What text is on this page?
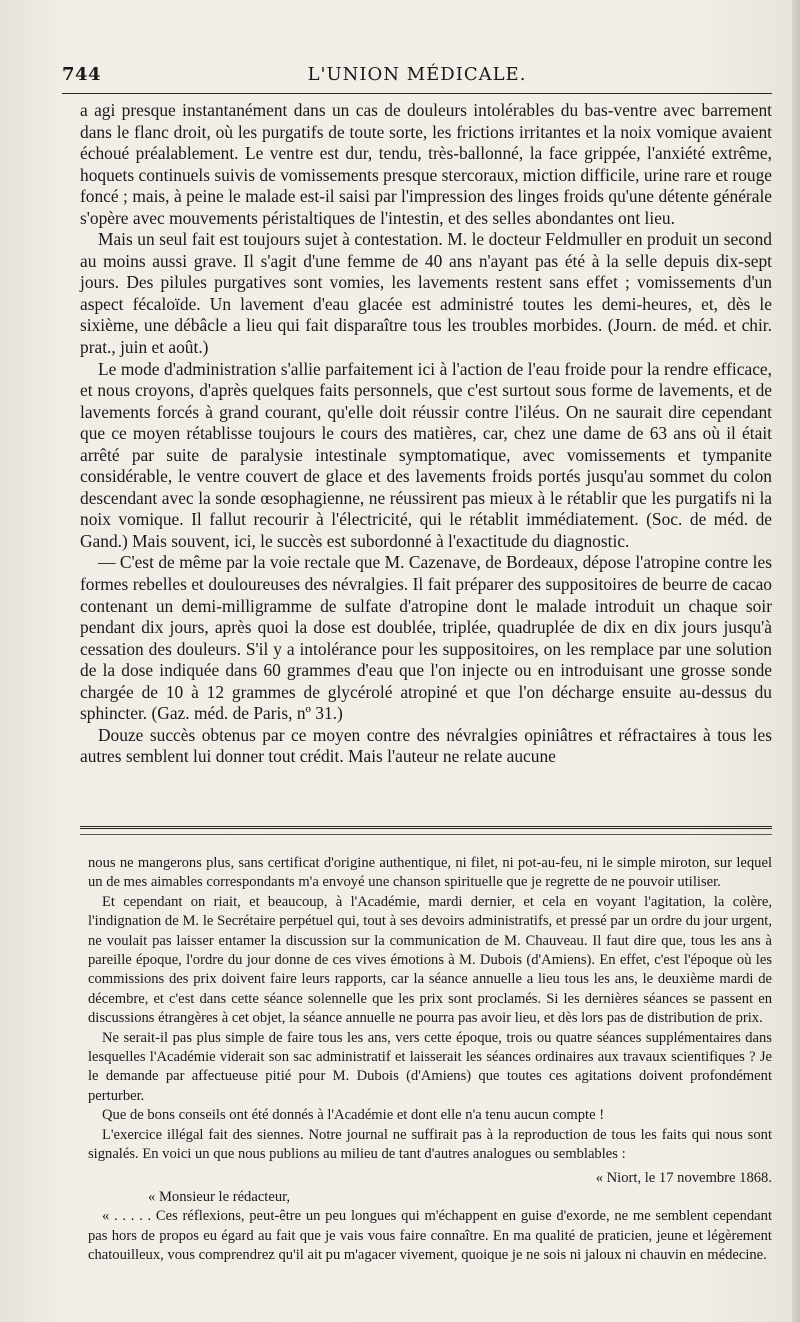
744	L'UNION MÉDICALE.

a agi presque instantanément dans un cas de douleurs intolérables du bas-ventre avec barrement dans le flanc droit, où les purgatifs de toute sorte, les frictions irritantes et la noix vomique avaient échoué préalablement. Le ventre est dur, tendu, très-ballonné, la face grippée, l'anxiété extrême, hoquets continuels suivis de vomissements presque stercoraux, miction difficile, urine rare et rouge foncé ; mais, à peine le malade est-il saisi par l'impression des linges froids qu'une détente générale s'opère avec mouvements péristaltiques de l'intestin, et des selles abondantes ont lieu.

Mais un seul fait est toujours sujet à contestation. M. le docteur Feldmuller en produit un second au moins aussi grave. Il s'agit d'une femme de 40 ans n'ayant pas été à la selle depuis dix-sept jours. Des pilules purgatives sont vomies, les lavements restent sans effet ; vomissements d'un aspect fécaloïde. Un lavement d'eau glacée est administré toutes les demi-heures, et, dès le sixième, une débâcle a lieu qui fait disparaître tous les troubles morbides. (Journ. de méd. et chir. prat., juin et août.)

Le mode d'administration s'allie parfaitement ici à l'action de l'eau froide pour la rendre efficace, et nous croyons, d'après quelques faits personnels, que c'est surtout sous forme de lavements, et de lavements forcés à grand courant, qu'elle doit réussir contre l'iléus. On ne saurait dire cependant que ce moyen rétablisse toujours le cours des matières, car, chez une dame de 63 ans où il était arrêté par suite de paralysie intestinale symptomatique, avec vomissements et tympanite considérable, le ventre couvert de glace et des lavements froids portés jusqu'au sommet du colon descendant avec la sonde œsophagienne, ne réussirent pas mieux à le rétablir que les purgatifs ni la noix vomique. Il fallut recourir à l'électricité, qui le rétablit immédiatement. (Soc. de méd. de Gand.) Mais souvent, ici, le succès est subordonné à l'exactitude du diagnostic.

— C'est de même par la voie rectale que M. Cazenave, de Bordeaux, dépose l'atropine contre les formes rebelles et douloureuses des névralgies. Il fait préparer des suppositoires de beurre de cacao contenant un demi-milligramme de sulfate d'atropine dont le malade introduit un chaque soir pendant dix jours, après quoi la dose est doublée, triplée, quadruplée de dix en dix jours jusqu'à cessation des douleurs. S'il y a intolérance pour les suppositoires, on les remplace par une solution de la dose indiquée dans 60 grammes d'eau que l'on injecte ou en introduisant une grosse sonde chargée de 10 à 12 grammes de glycérolé atropiné et que l'on décharge ensuite au-dessus du sphincter. (Gaz. méd. de Paris, nº 31.)

Douze succès obtenus par ce moyen contre des névralgies opiniâtres et réfractaires à tous les autres semblent lui donner tout crédit. Mais l'auteur ne relate aucune

nous ne mangerons plus, sans certificat d'origine authentique, ni filet, ni pot-au-feu, ni le simple miroton, sur lequel un de mes aimables correspondants m'a envoyé une chanson spirituelle que je regrette de ne pouvoir utiliser.

Et cependant on riait, et beaucoup, à l'Académie, mardi dernier, et cela en voyant l'agitation, la colère, l'indignation de M. le Secrétaire perpétuel qui, tout à ses devoirs administratifs, et pressé par un ordre du jour urgent, ne voulait pas laisser entamer la discussion sur la communication de M. Chauveau. Il faut dire que, tous les ans à pareille époque, l'ordre du jour donne de ces vives émotions à M. Dubois (d'Amiens). En effet, c'est l'époque où les commissions des prix doivent faire leurs rapports, car la séance annuelle a lieu tous les ans, le deuxième mardi de décembre, et c'est dans cette séance solennelle que les prix sont proclamés. Si les dernières séances se passent en discussions étrangères à cet objet, la séance annuelle ne pourra pas avoir lieu, et dès lors pas de distribution de prix.

Ne serait-il pas plus simple de faire tous les ans, vers cette époque, trois ou quatre séances supplémentaires dans lesquelles l'Académie viderait son sac administratif et laisserait les séances ordinaires aux travaux scientifiques ? Je le demande par affectueuse pitié pour M. Dubois (d'Amiens) que toutes ces agitations doivent profondément perturber.

Que de bons conseils ont été donnés à l'Académie et dont elle n'a tenu aucun compte !

L'exercice illégal fait des siennes. Notre journal ne suffirait pas à la reproduction de tous les faits qui nous sont signalés. En voici un que nous publions au milieu de tant d'autres analogues ou semblables :

« Niort, le 17 novembre 1868.

« Monsieur le rédacteur,

« . . . . . Ces réflexions, peut-être un peu longues qui m'échappent en guise d'exorde, ne me semblent cependant pas hors de propos eu égard au fait que je vais vous faire connaître. En ma qualité de praticien, jeune et légèrement chatouilleux, vous comprendrez qu'il ait pu m'agacer vivement, quoique je ne sois ni jaloux ni chauvin en médecine.
